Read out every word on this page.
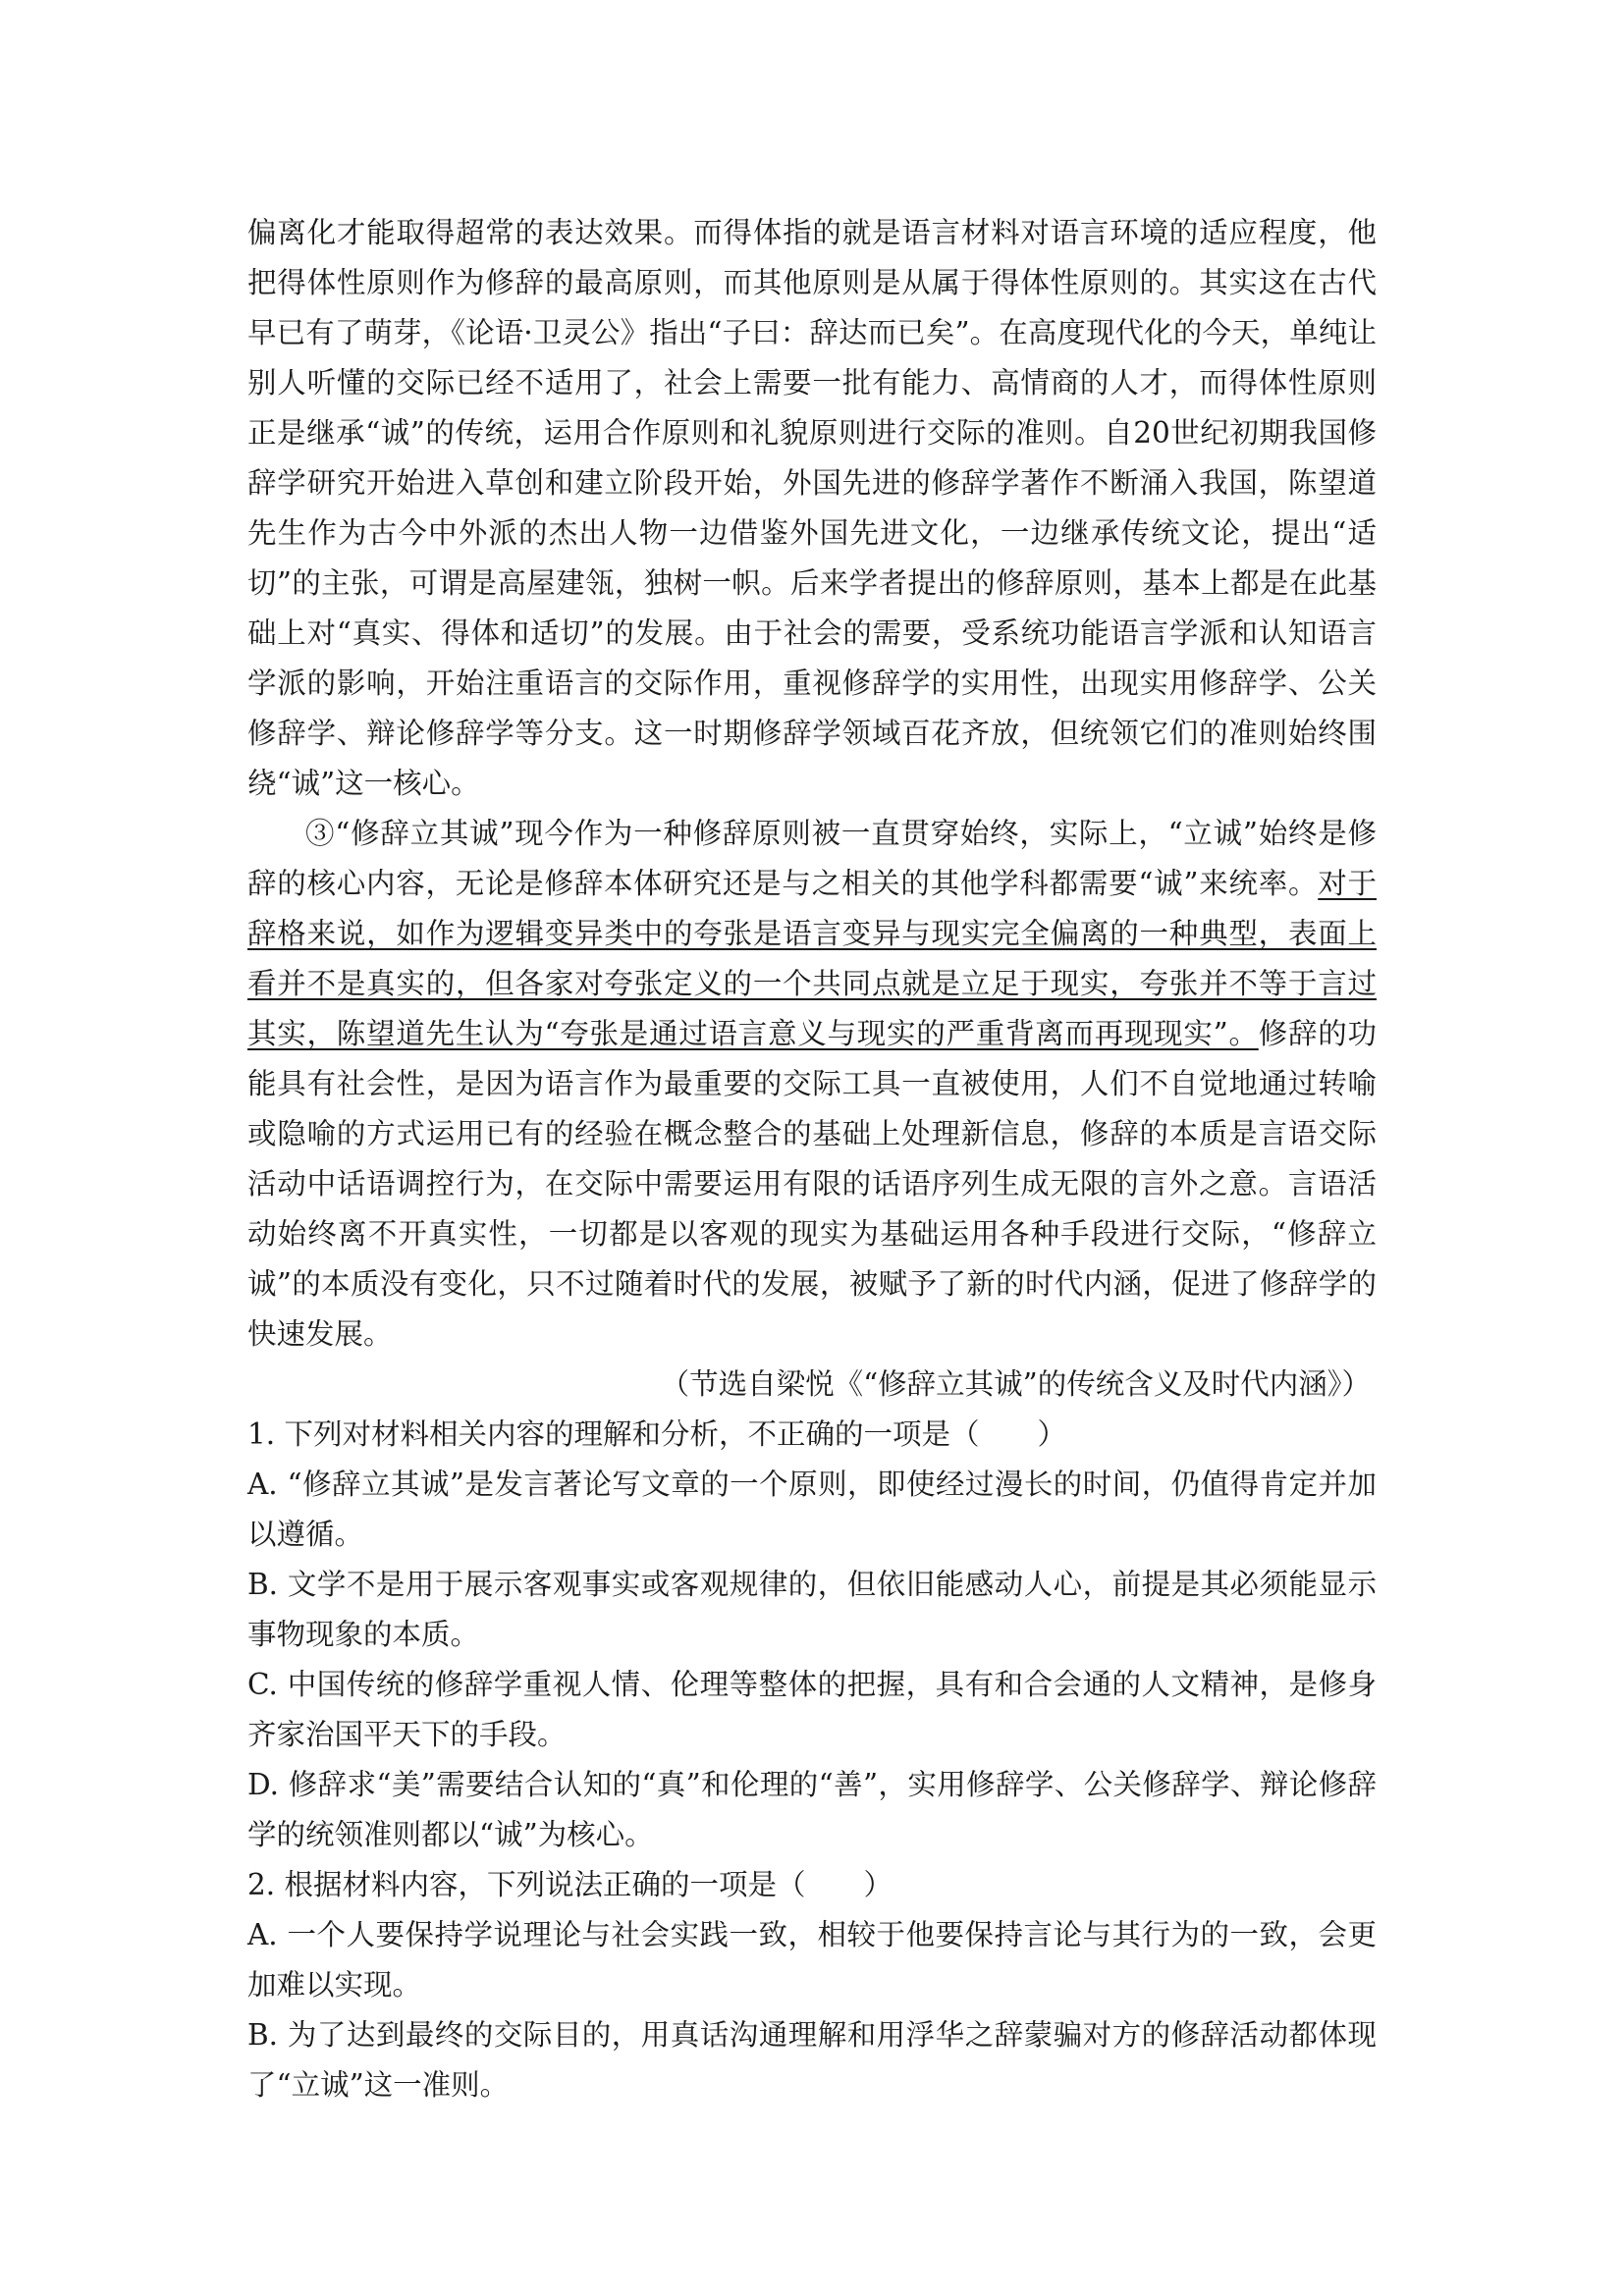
偏离化才能取得超常的表达效果。而得体指的就是语言材料对语言环境的适应程度，他把得体性原则作为修辞的最高原则，而其他原则是从属于得体性原则的。其实这在古代早已有了萌芽，《论语·卫灵公》指出“子曰：辞达而已矣”。在高度现代化的今天，单纯让别人听懂的交际已经不适用了，社会上需要一批有能力、高情商的人才，而得体性原则正是继承“诚”的传统，运用合作原则和礼貌原则进行交际的准则。自20世纪初期我国修辞学研究开始进入草创和建立阶段开始，外国先进的修辞学著作不断涌入我国，陈望道先生作为古今中外派的杰出人物一边借鉴外国先进文化，一边继承传统文论，提出“适切”的主张，可谓是高屋建瓴，独树一帜。后来学者提出的修辞原则，基本上都是在此基础上对“真实、得体和适切”的发展。由于社会的需要，受系统功能语言学派和认知语言学派的影响，开始注重语言的交际作用，重视修辞学的实用性，出现实用修辞学、公关修辞学、辩论修辞学等分支。这一时期修辞学领域百花齐放，但统领它们的准则始终围绕“诚”这一核心。

③“修辞立其诚”现今作为一种修辞原则被一直贯穿始终，实际上，“立诚”始终是修辞的核心内容，无论是修辞本体研究还是与之相关的其他学科都需要“诚”来统率。对于辞格来说，如作为逻辑变异类中的夸张是语言变异与现实完全偏离的一种典型，表面上看并不是真实的，但各家对夸张定义的一个共同点就是立足于现实，夸张并不等于言过其实，陈望道先生认为“夸张是通过语言意义与现实的严重背离而再现现实”。修辞的功能具有社会性，是因为语言作为最重要的交际工具一直被使用，人们不自觉地通过转喻或隐喻的方式运用已有的经验在概念整合的基础上处理新信息，修辞的本质是言语交际活动中话语调控行为，在交际中需要运用有限的话语序列生成无限的言外之意。言语活动始终离不开真实性，一切都是以客观的现实为基础运用各种手段进行交际，“修辞立诚”的本质没有变化，只不过随着时代的发展，被赋予了新的时代内涵，促进了修辞学的快速发展。

（节选自梁悦《“修辞立其诚”的传统含义及时代内涵》）

1. 下列对材料相关内容的理解和分析，不正确的一项是（　　）

A. “修辞立其诚”是发言著论写文章的一个原则，即使经过漫长的时间，仍值得肯定并加以遵循。

B. 文学不是用于展示客观事实或客观规律的，但依旧能感动人心，前提是其必须能显示事物现象的本质。

C. 中国传统的修辞学重视人情、伦理等整体的把握，具有和合会通的人文精神，是修身齐家治国平天下的手段。

D. 修辞求“美”需要结合认知的“真”和伦理的“善”，实用修辞学、公关修辞学、辩论修辞学的统领准则都以“诚”为核心。

2. 根据材料内容，下列说法正确的一项是（　　）

A. 一个人要保持学说理论与社会实践一致，相较于他要保持言论与其行为的一致，会更加难以实现。

B. 为了达到最终的交际目的，用真话沟通理解和用浮华之辞蒙骗对方的修辞活动都体现了“立诚”这一准则。
